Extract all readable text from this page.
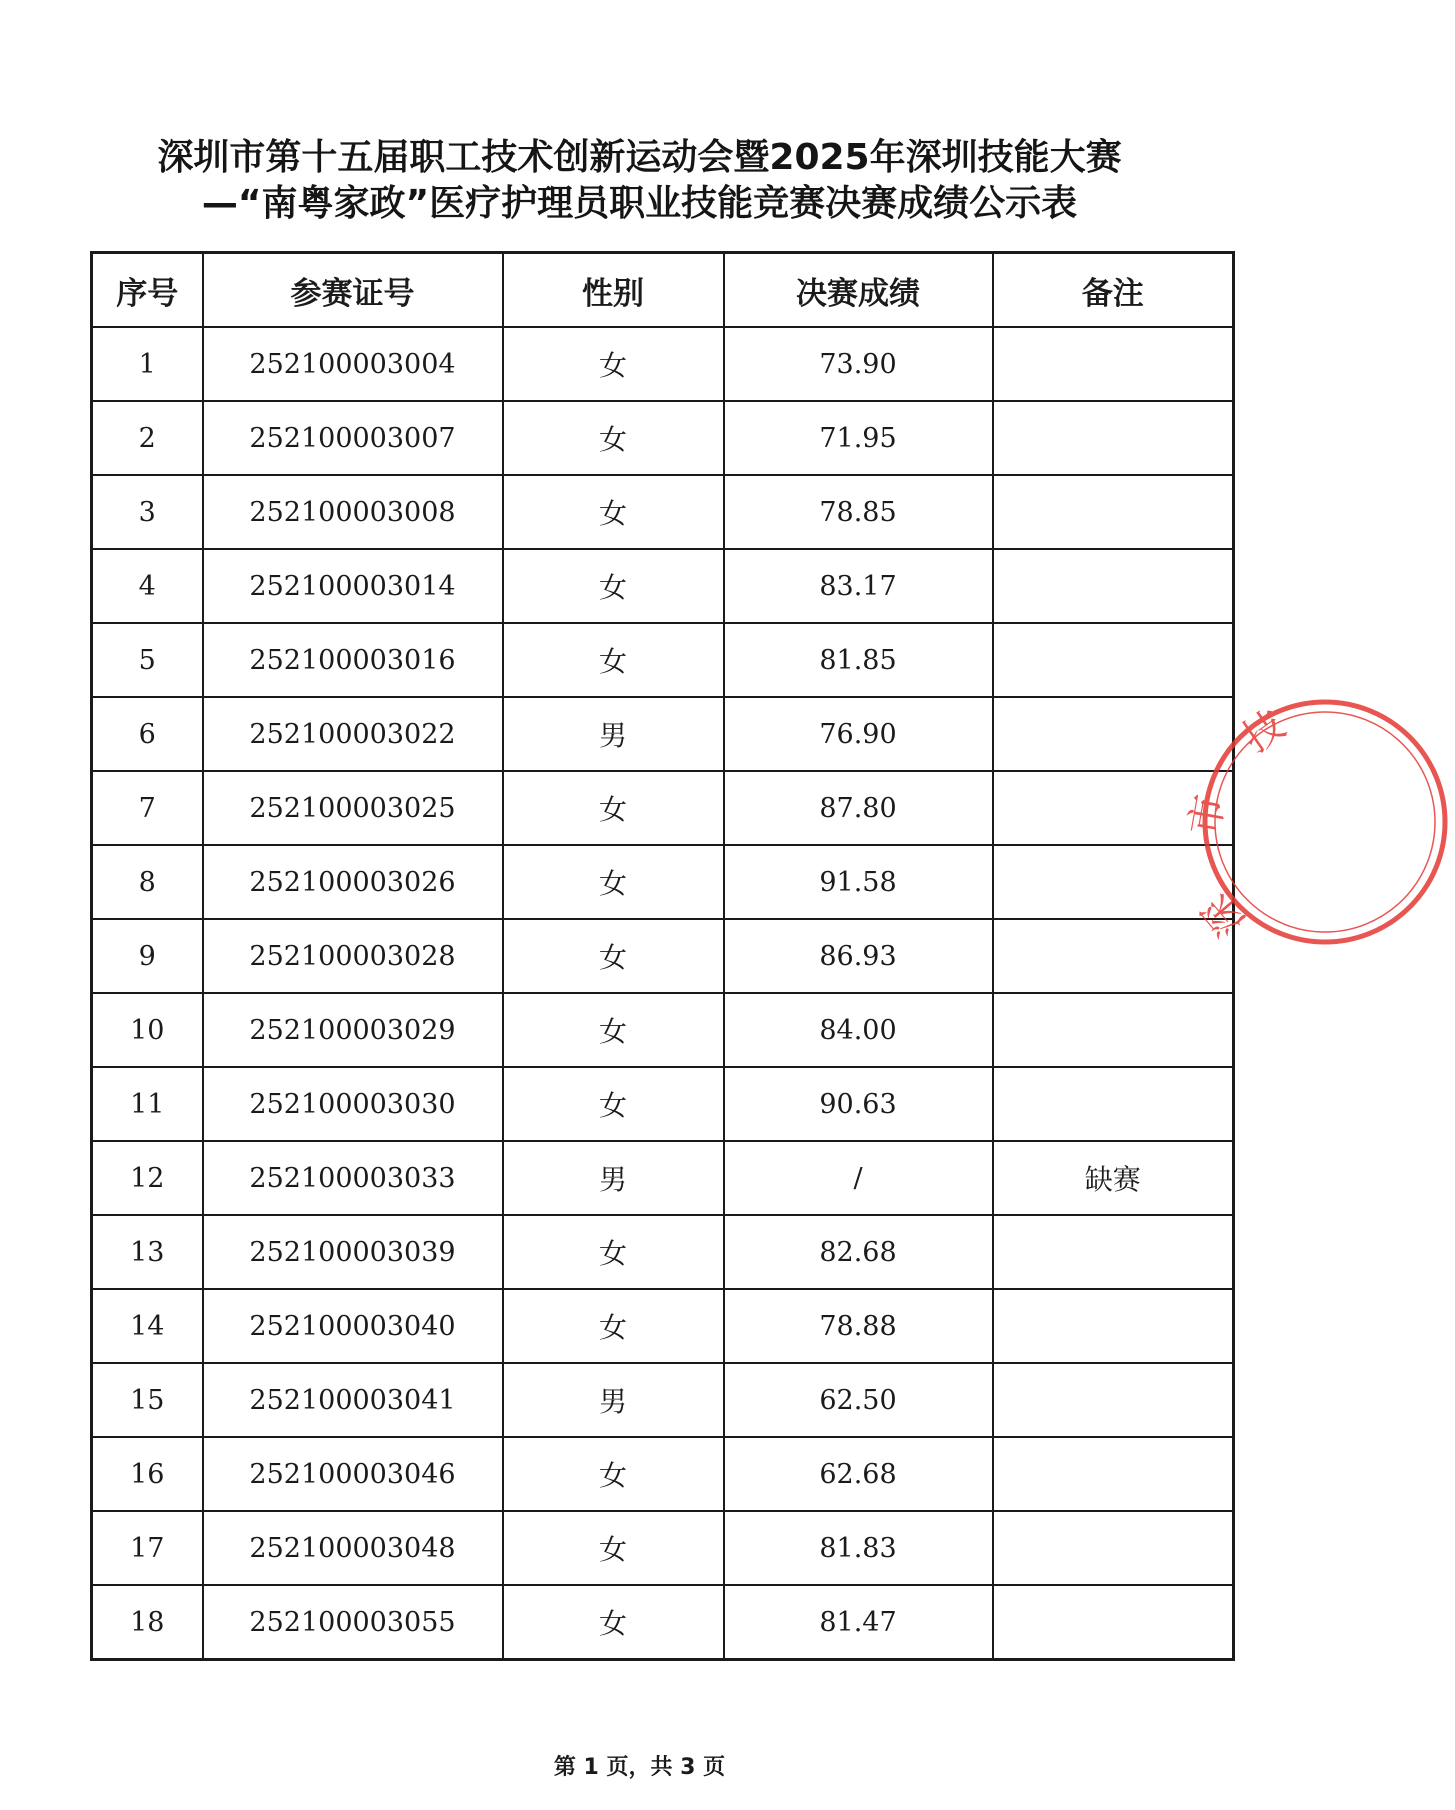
深圳市第十五届职工技术创新运动会暨2025年深圳技能大赛
—“南粤家政”医疗护理员职业技能竞赛决赛成绩公示表
序号	参赛证号	性别	决赛成绩	备注
1	252100003004	女	73.90	
2	252100003007	女	71.95	
3	252100003008	女	78.85	
4	252100003014	女	83.17	
5	252100003016	女	81.85	
6	252100003022	男	76.90	
7	252100003025	女	87.80	
8	252100003026	女	91.58	
9	252100003028	女	86.93	
10	252100003029	女	84.00	
11	252100003030	女	90.63	
12	252100003033	男	/	缺赛
13	252100003039	女	82.68	
14	252100003040	女	78.88	
15	252100003041	男	62.50	
16	252100003046	女	62.68	
17	252100003048	女	81.83	
18	252100003055	女	81.47	
第 1 页，共 3 页
市
技
深
